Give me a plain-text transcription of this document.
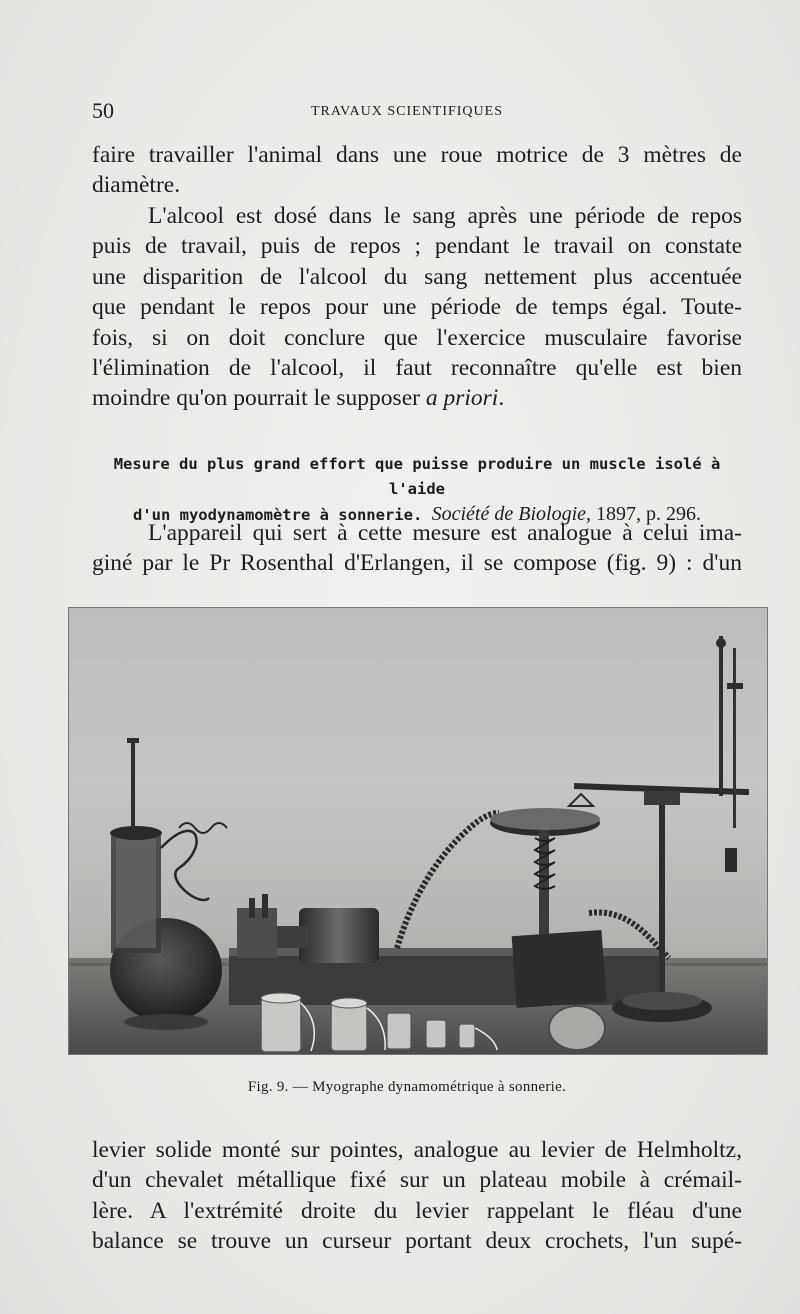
50	TRAVAUX SCIENTIFIQUES

faire travailler l'animal dans une roue motrice de 3 mètres de

diamètre.

L'alcool est dosé dans le sang après une période de repos

puis de travail, puis de repos ; pendant le travail on constate

une disparition de l'alcool du sang nettement plus accentuée

que pendant le repos pour une période de temps égal. Toute-

fois, si on doit conclure que l'exercice musculaire favorise

l'élimination de l'alcool, il faut reconnaître qu'elle est bien

moindre qu'on pourrait le supposer a priori.

Mesure du plus grand effort que puisse produire un muscle isolé à l'aide
d'un myodynamomètre à sonnerie. Société de Biologie, 1897, p. 296.

L'appareil qui sert à cette mesure est analogue à celui ima-

giné par le Pr Rosenthal d'Erlangen, il se compose (fig. 9) : d'un

Fig. 9. — Myographe dynamométrique à sonnerie.

levier solide monté sur pointes, analogue au levier de Helmholtz,

d'un chevalet métallique fixé sur un plateau mobile à crémail-

lère. A l'extrémité droite du levier rappelant le fléau d'une

balance se trouve un curseur portant deux crochets, l'un supé-
